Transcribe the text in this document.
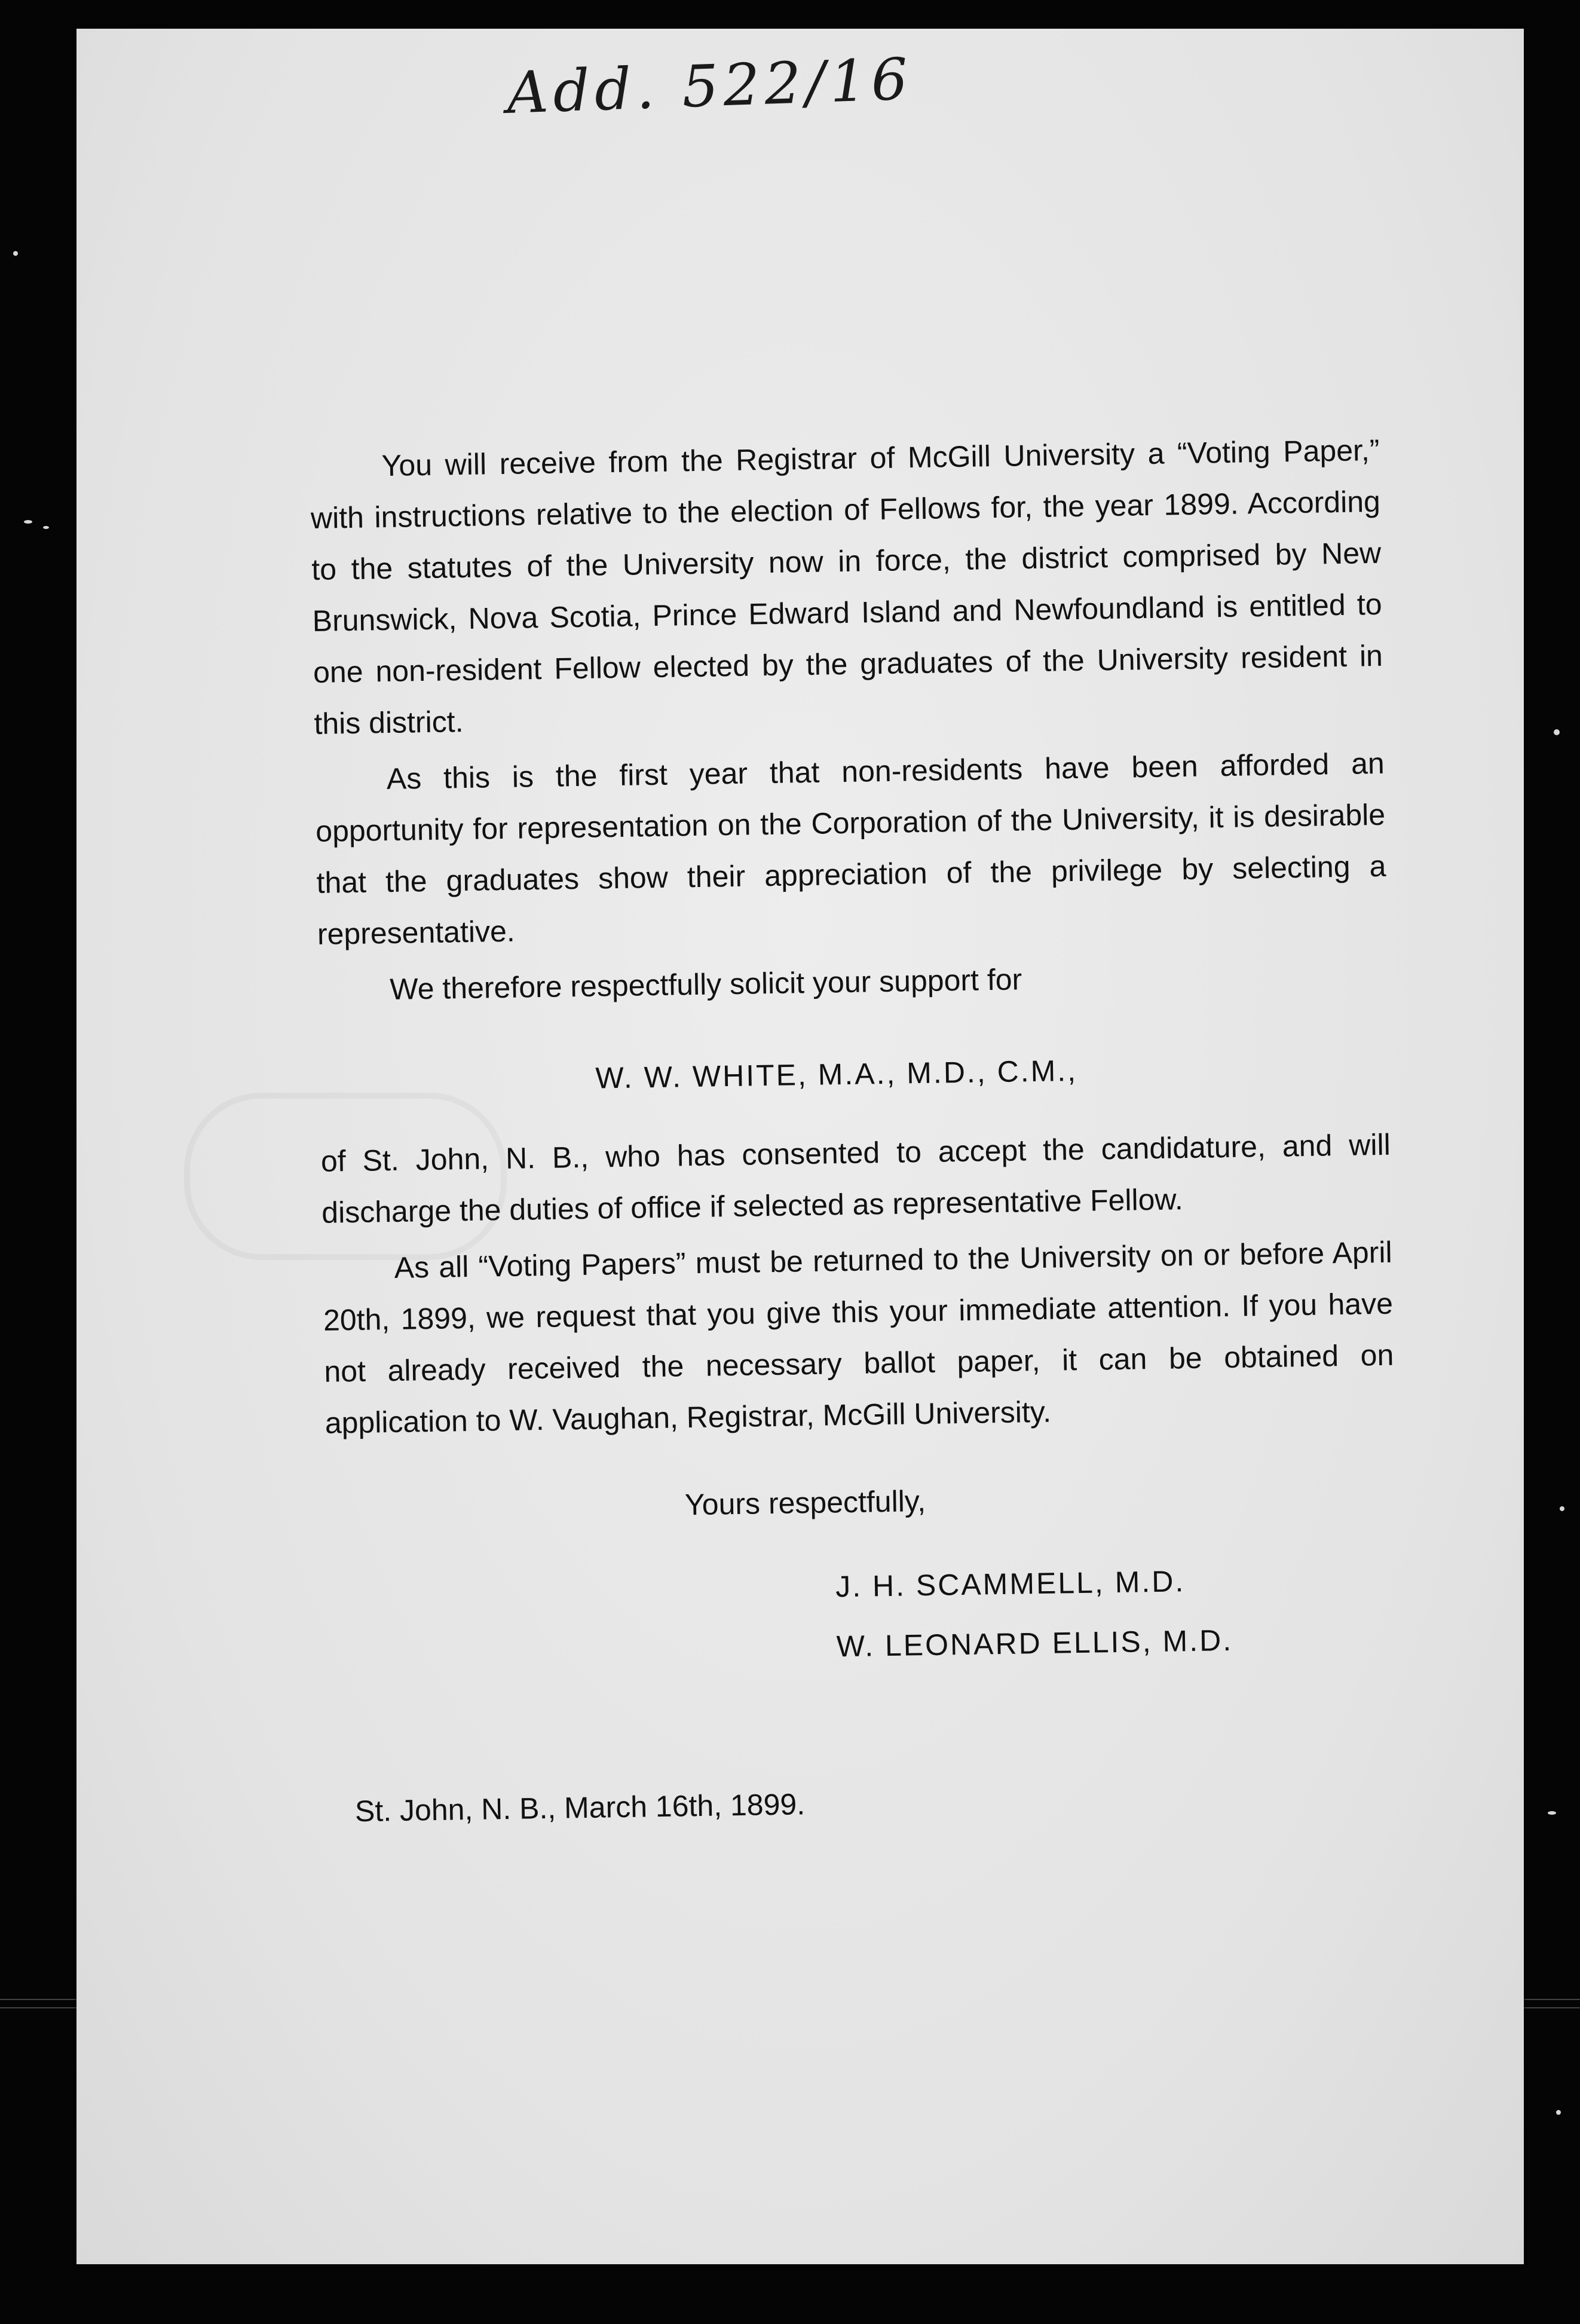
Add. 522/16

You will receive from the Registrar of McGill University a “Voting Paper,” with instructions relative to the election of Fellows for, the year 1899. According to the statutes of the University now in force, the district comprised by New Brunswick, Nova Scotia, Prince Edward Island and Newfoundland is entitled to one non-resident Fellow elected by the graduates of the University resident in this district.

As this is the first year that non-residents have been afforded an opportunity for representation on the Corporation of the University, it is desirable that the graduates show their appreciation of the privilege by selecting a representative.

We therefore respectfully solicit your support for

W. W. WHITE, M.A., M.D., C.M.,

of St. John, N. B., who has consented to accept the candidature, and will discharge the duties of office if selected as representative Fellow.

As all “Voting Papers” must be returned to the University on or before April 20th, 1899, we request that you give this your immediate attention. If you have not already received the necessary ballot paper, it can be obtained on application to W. Vaughan, Registrar, McGill University.

Yours respectfully,

J. H. SCAMMELL, M.D.
W. LEONARD ELLIS, M.D.

St. John, N. B., March 16th, 1899.
